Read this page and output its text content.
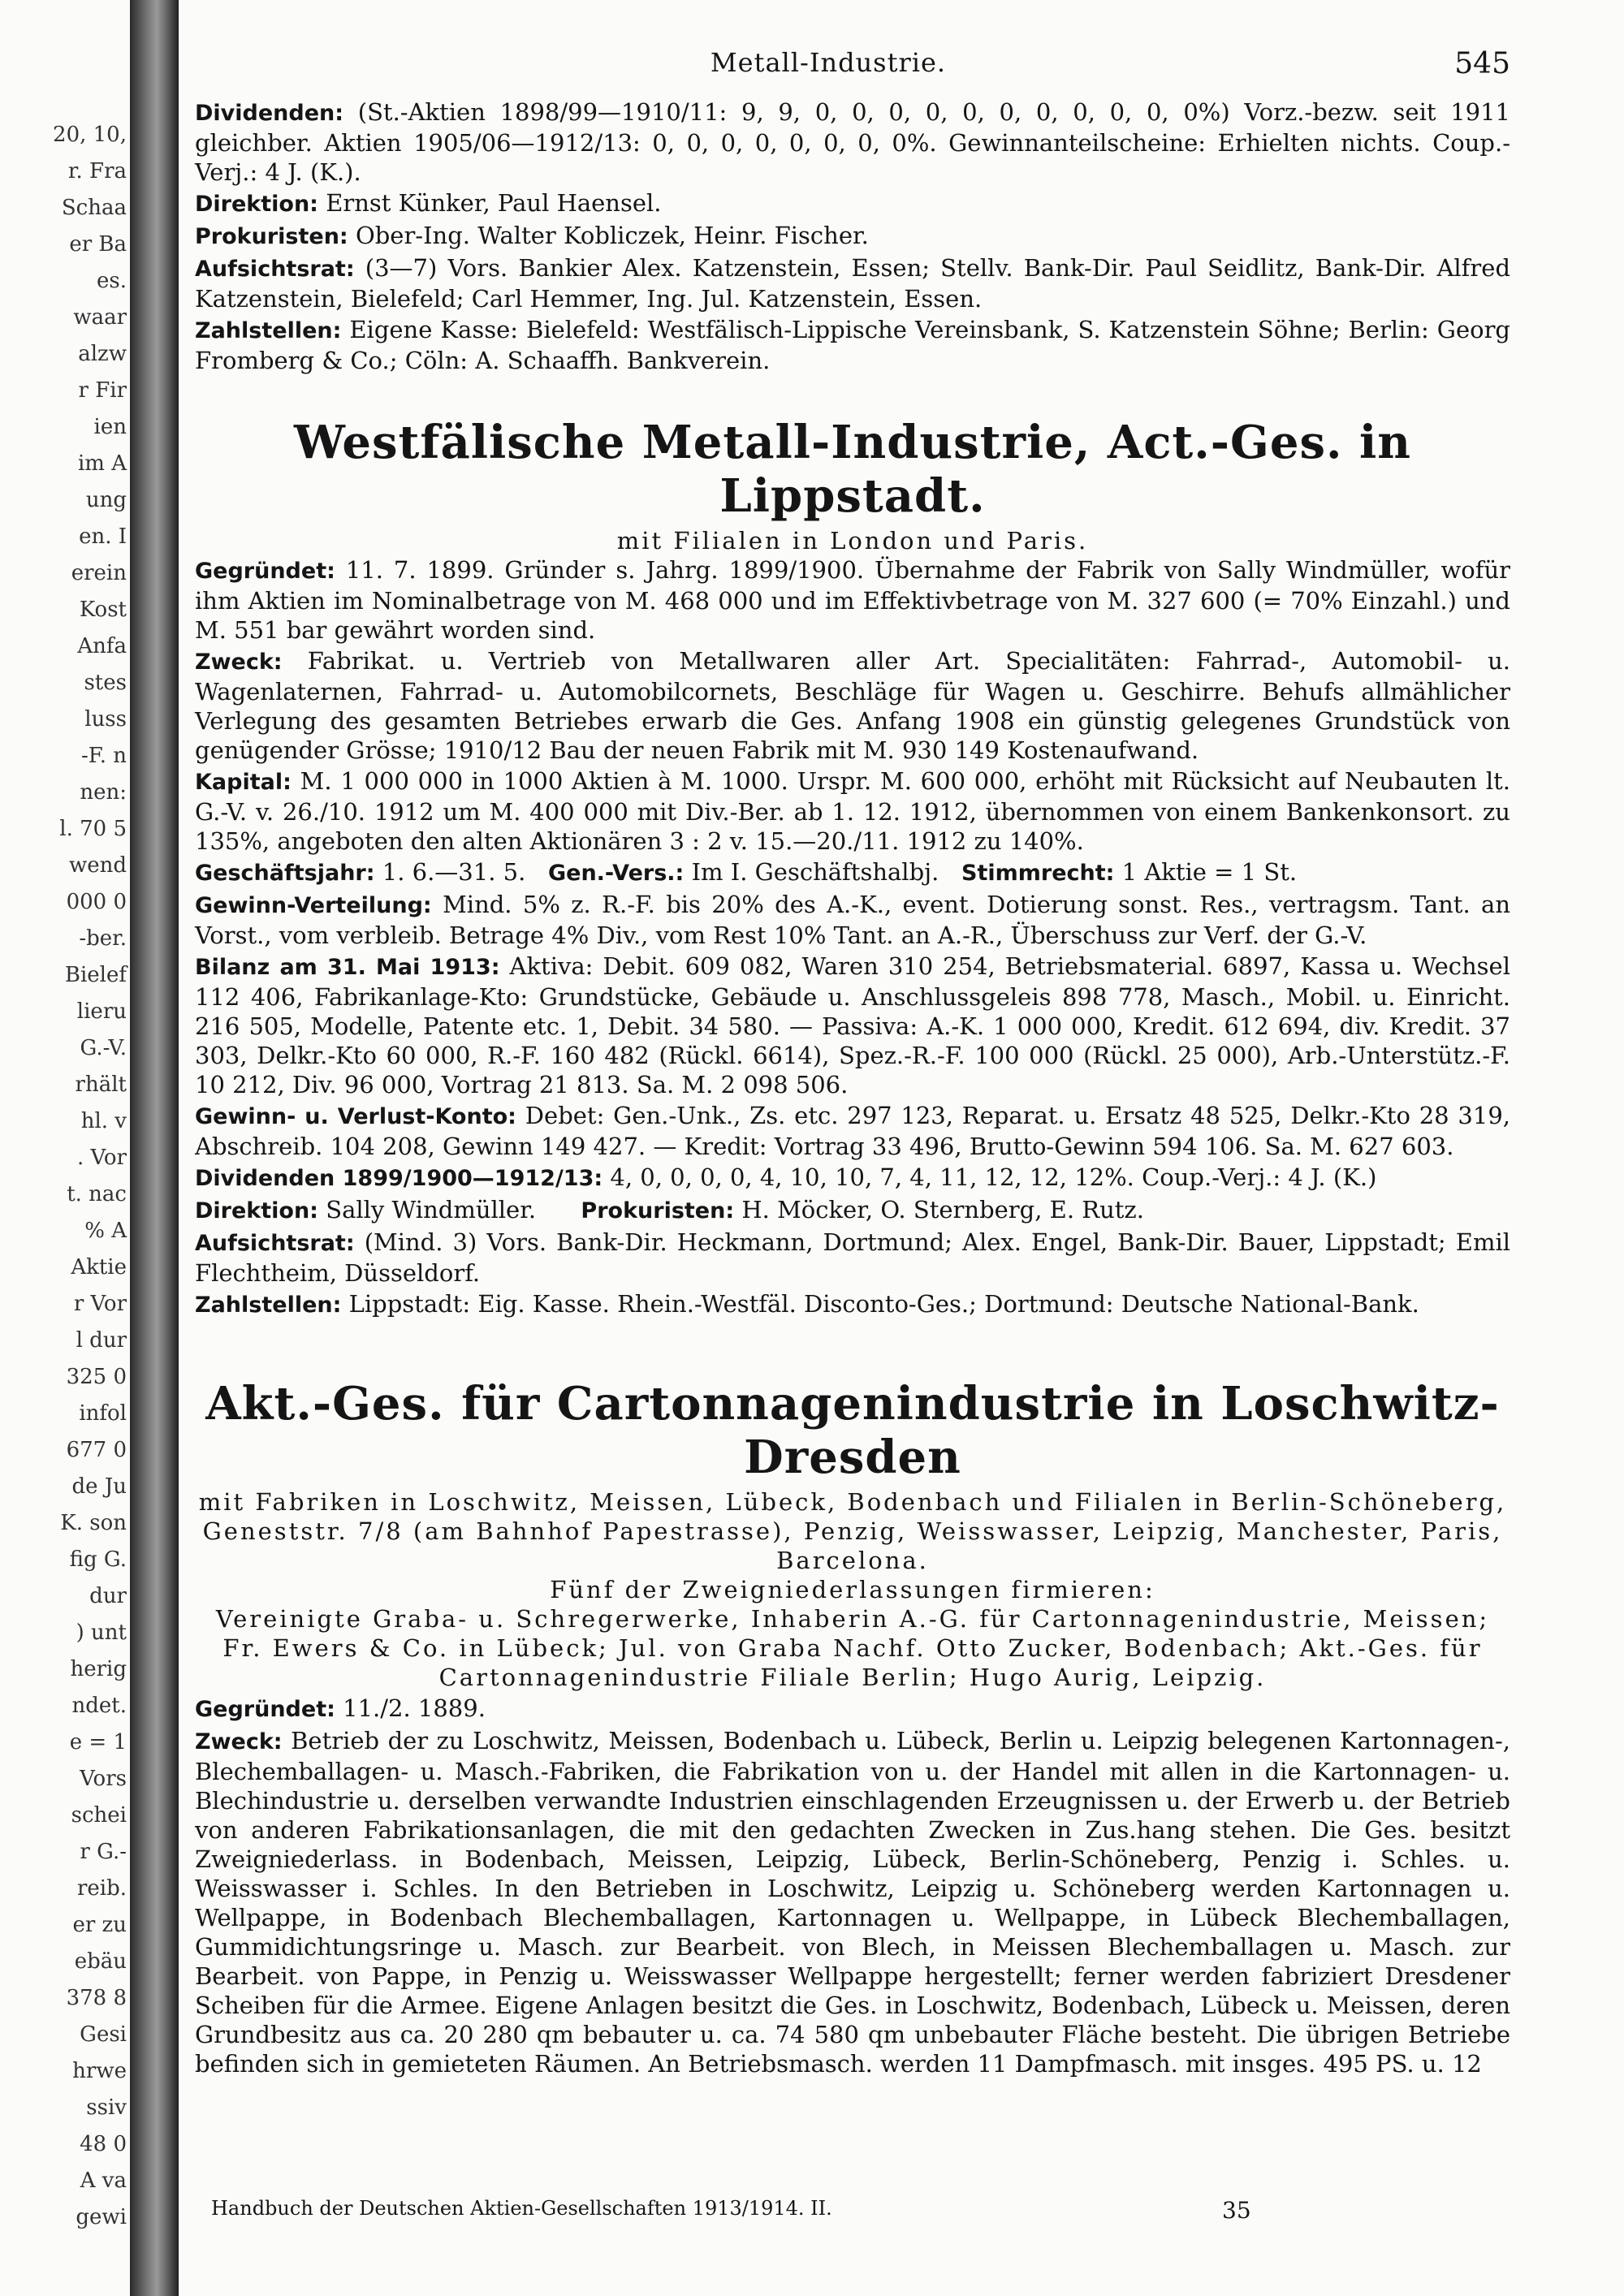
20, 10,
r. Fra
Schaa
er Ba
es.
waar
alzw
r Fir
ien
im A
ung
en. I
erein
Kost
Anfa
stes
luss
-F. n
nen:
l. 70 5
wend
000 0
-ber.
Bielef
lieru
G.-V.
rhält
hl. v
. Vor
t. nac
% A
Aktie
r Vor
l dur
325 0
infol
677 0
de Ju
K. son
fig G.
dur
) unt
herig
ndet.
e = 1
Vors
schei
r G.-
reib.
er zu
ebäu
378 8
Gesi
hrwe
ssiv
48 0
A va
gewi
Metall-Industrie.	545

Dividenden: (St.-Aktien 1898/99—1910/11: 9, 9, 0, 0, 0, 0, 0, 0, 0, 0, 0, 0, 0%) Vorz.-bezw. seit 1911 gleichber. Aktien 1905/06—1912/13: 0, 0, 0, 0, 0, 0, 0, 0%. Gewinnanteilscheine: Erhielten nichts. Coup.-Verj.: 4 J. (K.).

Direktion: Ernst Künker, Paul Haensel.

Prokuristen: Ober-Ing. Walter Kobliczek, Heinr. Fischer.

Aufsichtsrat: (3—7) Vors. Bankier Alex. Katzenstein, Essen; Stellv. Bank-Dir. Paul Seidlitz, Bank-Dir. Alfred Katzenstein, Bielefeld; Carl Hemmer, Ing. Jul. Katzenstein, Essen.

Zahlstellen: Eigene Kasse: Bielefeld: Westfälisch-Lippische Vereinsbank, S. Katzenstein Söhne; Berlin: Georg Fromberg & Co.; Cöln: A. Schaaffh. Bankverein.

Westfälische Metall-Industrie, Act.-Ges. in Lippstadt.

mit Filialen in London und Paris.

Gegründet: 11. 7. 1899. Gründer s. Jahrg. 1899/1900. Übernahme der Fabrik von Sally Windmüller, wofür ihm Aktien im Nominalbetrage von M. 468 000 und im Effektivbetrage von M. 327 600 (= 70% Einzahl.) und M. 551 bar gewährt worden sind.

Zweck: Fabrikat. u. Vertrieb von Metallwaren aller Art. Specialitäten: Fahrrad-, Automobil- u. Wagenlaternen, Fahrrad- u. Automobilcornets, Beschläge für Wagen u. Geschirre. Behufs allmählicher Verlegung des gesamten Betriebes erwarb die Ges. Anfang 1908 ein günstig gelegenes Grundstück von genügender Grösse; 1910/12 Bau der neuen Fabrik mit M. 930 149 Kostenaufwand.

Kapital: M. 1 000 000 in 1000 Aktien à M. 1000. Urspr. M. 600 000, erhöht mit Rücksicht auf Neubauten lt. G.-V. v. 26./10. 1912 um M. 400 000 mit Div.-Ber. ab 1. 12. 1912, übernommen von einem Bankenkonsort. zu 135%, angeboten den alten Aktionären 3 : 2 v. 15.—20./11. 1912 zu 140%.

Geschäftsjahr: 1. 6.—31. 5. Gen.-Vers.: Im I. Geschäftshalbj. Stimmrecht: 1 Aktie = 1 St.

Gewinn-Verteilung: Mind. 5% z. R.-F. bis 20% des A.-K., event. Dotierung sonst. Res., vertragsm. Tant. an Vorst., vom verbleib. Betrage 4% Div., vom Rest 10% Tant. an A.-R., Überschuss zur Verf. der G.-V.

Bilanz am 31. Mai 1913: Aktiva: Debit. 609 082, Waren 310 254, Betriebsmaterial. 6897, Kassa u. Wechsel 112 406, Fabrikanlage-Kto: Grundstücke, Gebäude u. Anschlussgeleis 898 778, Masch., Mobil. u. Einricht. 216 505, Modelle, Patente etc. 1, Debit. 34 580. — Passiva: A.-K. 1 000 000, Kredit. 612 694, div. Kredit. 37 303, Delkr.-Kto 60 000, R.-F. 160 482 (Rückl. 6614), Spez.-R.-F. 100 000 (Rückl. 25 000), Arb.-Unterstütz.-F. 10 212, Div. 96 000, Vortrag 21 813. Sa. M. 2 098 506.

Gewinn- u. Verlust-Konto: Debet: Gen.-Unk., Zs. etc. 297 123, Reparat. u. Ersatz 48 525, Delkr.-Kto 28 319, Abschreib. 104 208, Gewinn 149 427. — Kredit: Vortrag 33 496, Brutto-Gewinn 594 106. Sa. M. 627 603.

Dividenden 1899/1900—1912/13: 4, 0, 0, 0, 0, 4, 10, 10, 7, 4, 11, 12, 12, 12%. Coup.-Verj.: 4 J. (K.)

Direktion: Sally Windmüller. Prokuristen: H. Möcker, O. Sternberg, E. Rutz.

Aufsichtsrat: (Mind. 3) Vors. Bank-Dir. Heckmann, Dortmund; Alex. Engel, Bank-Dir. Bauer, Lippstadt; Emil Flechtheim, Düsseldorf.

Zahlstellen: Lippstadt: Eig. Kasse. Rhein.-Westfäl. Disconto-Ges.; Dortmund: Deutsche National-Bank.

Akt.-Ges. für Cartonnagenindustrie in Loschwitz-Dresden

mit Fabriken in Loschwitz, Meissen, Lübeck, Bodenbach und Filialen in Berlin-Schöneberg, Geneststr. 7/8 (am Bahnhof Papestrasse), Penzig, Weisswasser, Leipzig, Manchester, Paris, Barcelona.

Fünf der Zweigniederlassungen firmieren:

Vereinigte Graba- u. Schregerwerke, Inhaberin A.-G. für Cartonnagenindustrie, Meissen; Fr. Ewers & Co. in Lübeck; Jul. von Graba Nachf. Otto Zucker, Bodenbach; Akt.-Ges. für Cartonnagenindustrie Filiale Berlin; Hugo Aurig, Leipzig.

Gegründet: 11./2. 1889.

Zweck: Betrieb der zu Loschwitz, Meissen, Bodenbach u. Lübeck, Berlin u. Leipzig belegenen Kartonnagen-, Blechemballagen- u. Masch.-Fabriken, die Fabrikation von u. der Handel mit allen in die Kartonnagen- u. Blechindustrie u. derselben verwandte Industrien einschlagenden Erzeugnissen u. der Erwerb u. der Betrieb von anderen Fabrikationsanlagen, die mit den gedachten Zwecken in Zus.hang stehen. Die Ges. besitzt Zweigniederlass. in Bodenbach, Meissen, Leipzig, Lübeck, Berlin-Schöneberg, Penzig i. Schles. u. Weisswasser i. Schles. In den Betrieben in Loschwitz, Leipzig u. Schöneberg werden Kartonnagen u. Wellpappe, in Bodenbach Blechemballagen, Kartonnagen u. Wellpappe, in Lübeck Blechemballagen, Gummidichtungsringe u. Masch. zur Bearbeit. von Blech, in Meissen Blechemballagen u. Masch. zur Bearbeit. von Pappe, in Penzig u. Weisswasser Wellpappe hergestellt; ferner werden fabriziert Dresdener Scheiben für die Armee. Eigene Anlagen besitzt die Ges. in Loschwitz, Bodenbach, Lübeck u. Meissen, deren Grundbesitz aus ca. 20 280 qm bebauter u. ca. 74 580 qm unbebauter Fläche besteht. Die übrigen Betriebe befinden sich in gemieteten Räumen. An Betriebsmasch. werden 11 Dampfmasch. mit insges. 495 PS. u. 12

Handbuch der Deutschen Aktien-Gesellschaften 1913/1914. II.	35
